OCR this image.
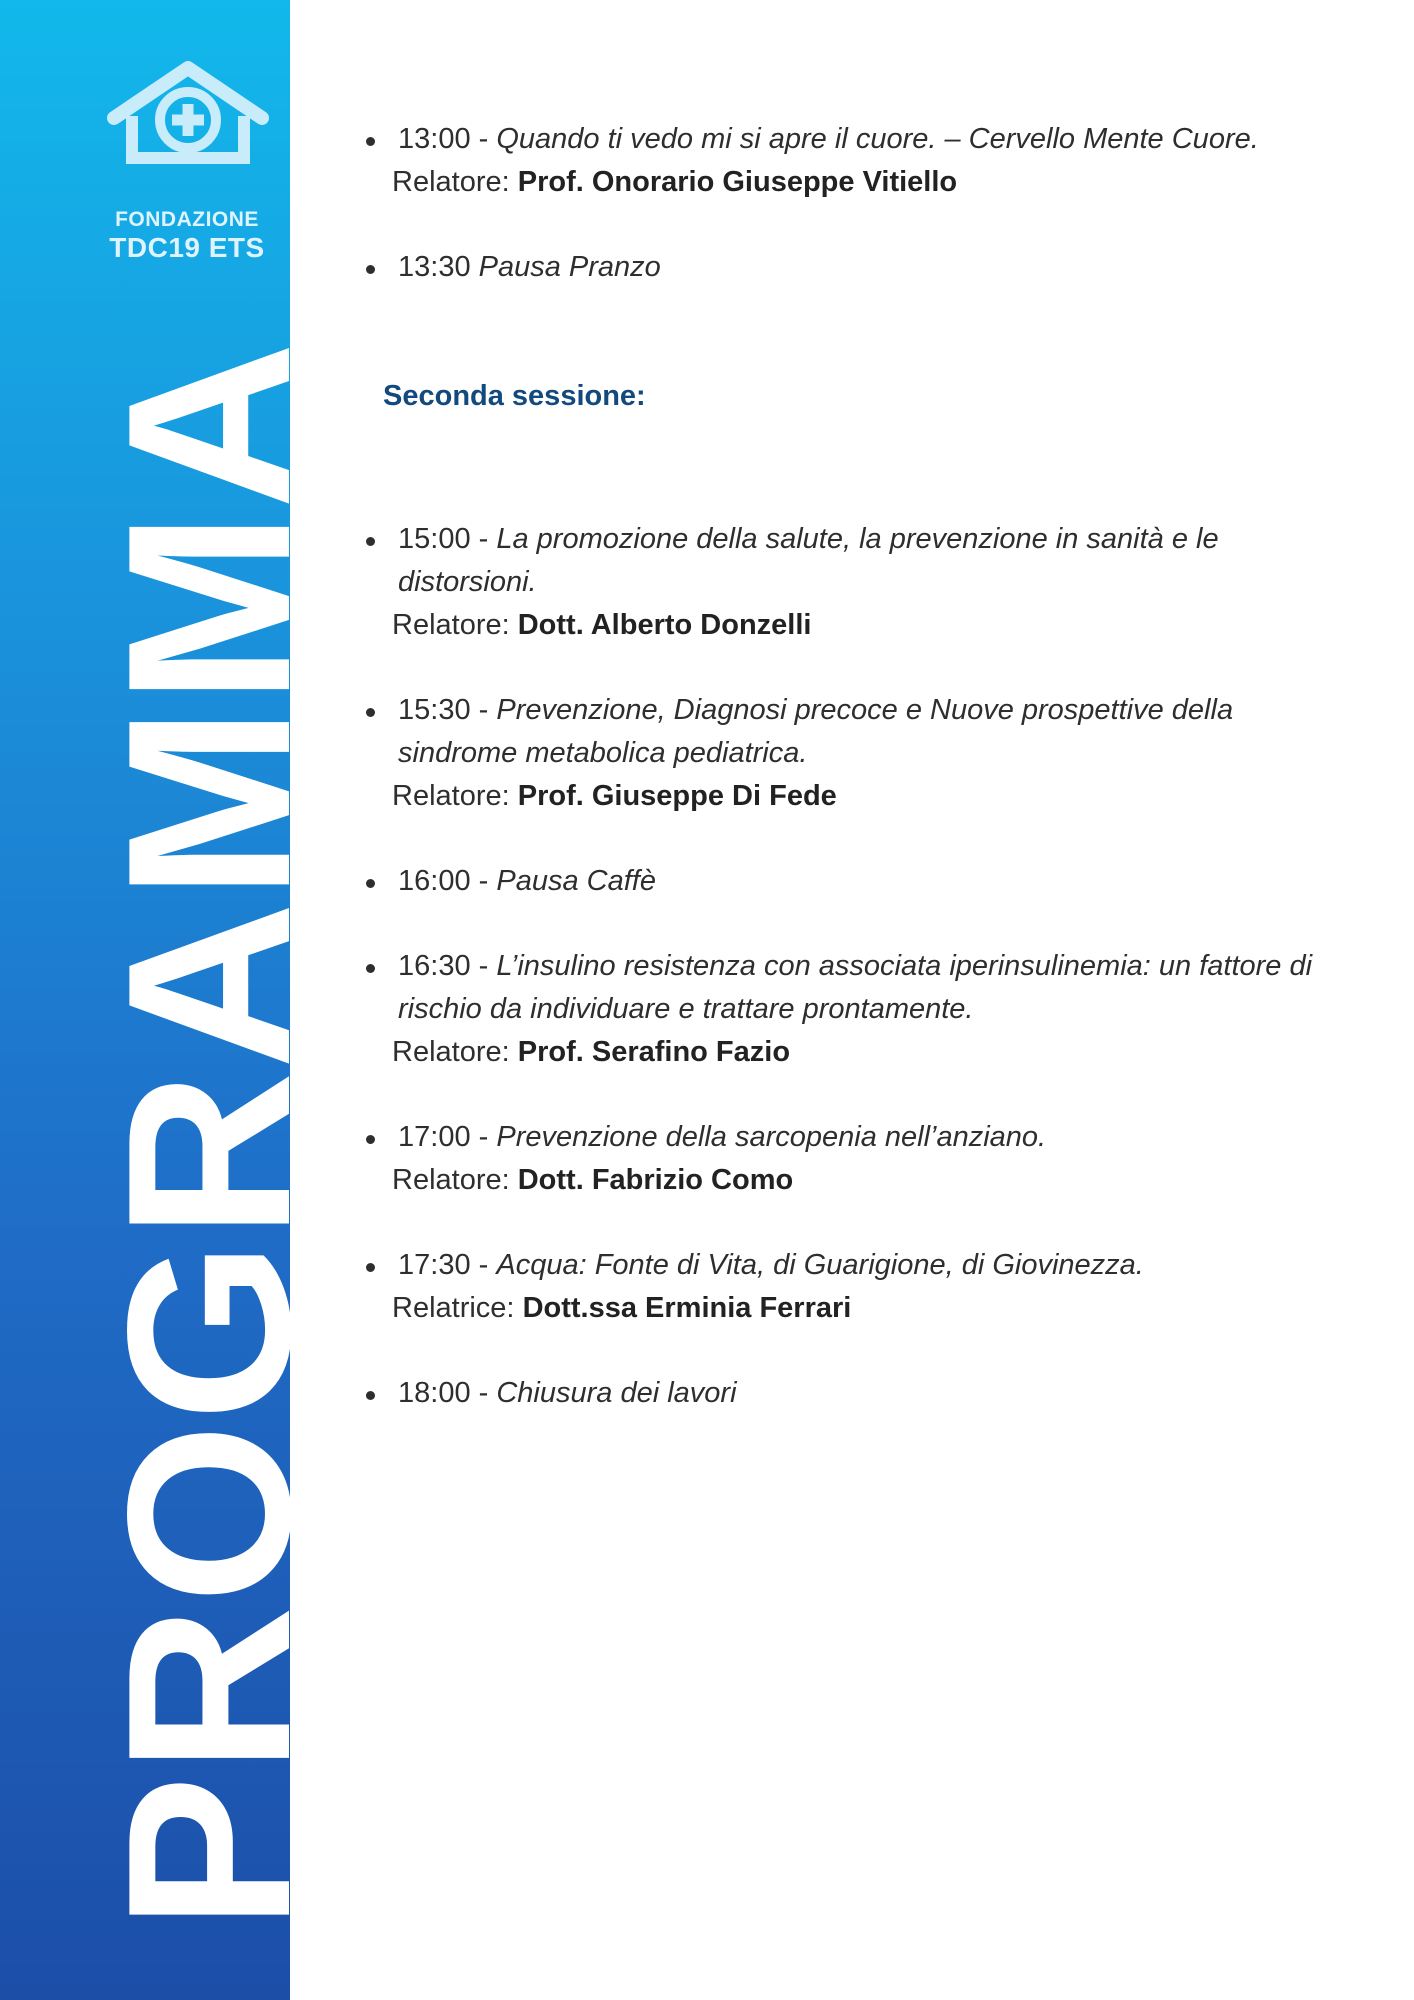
FONDAZIONE
TDC19 ETS
PROGRAMMA
13:00 - Quando ti vedo mi si apre il cuore. – Cervello Mente Cuore.
Relatore: Prof. Onorario Giuseppe Vitiello
13:30 Pausa Pranzo
Seconda sessione:
15:00 - La promozione della salute, la prevenzione in sanità e le distorsioni.
Relatore: Dott. Alberto Donzelli
15:30 - Prevenzione, Diagnosi precoce e Nuove prospettive della sindrome metabolica pediatrica.
Relatore: Prof. Giuseppe Di Fede
16:00 - Pausa Caffè
16:30 - L’insulino resistenza con associata iperinsulinemia: un fattore di rischio da individuare e trattare prontamente.
Relatore: Prof. Serafino Fazio
17:00 - Prevenzione della sarcopenia nell’anziano.
Relatore: Dott. Fabrizio Como
17:30 - Acqua: Fonte di Vita, di Guarigione, di Giovinezza.
Relatrice: Dott.ssa Erminia Ferrari
18:00 - Chiusura dei lavori
